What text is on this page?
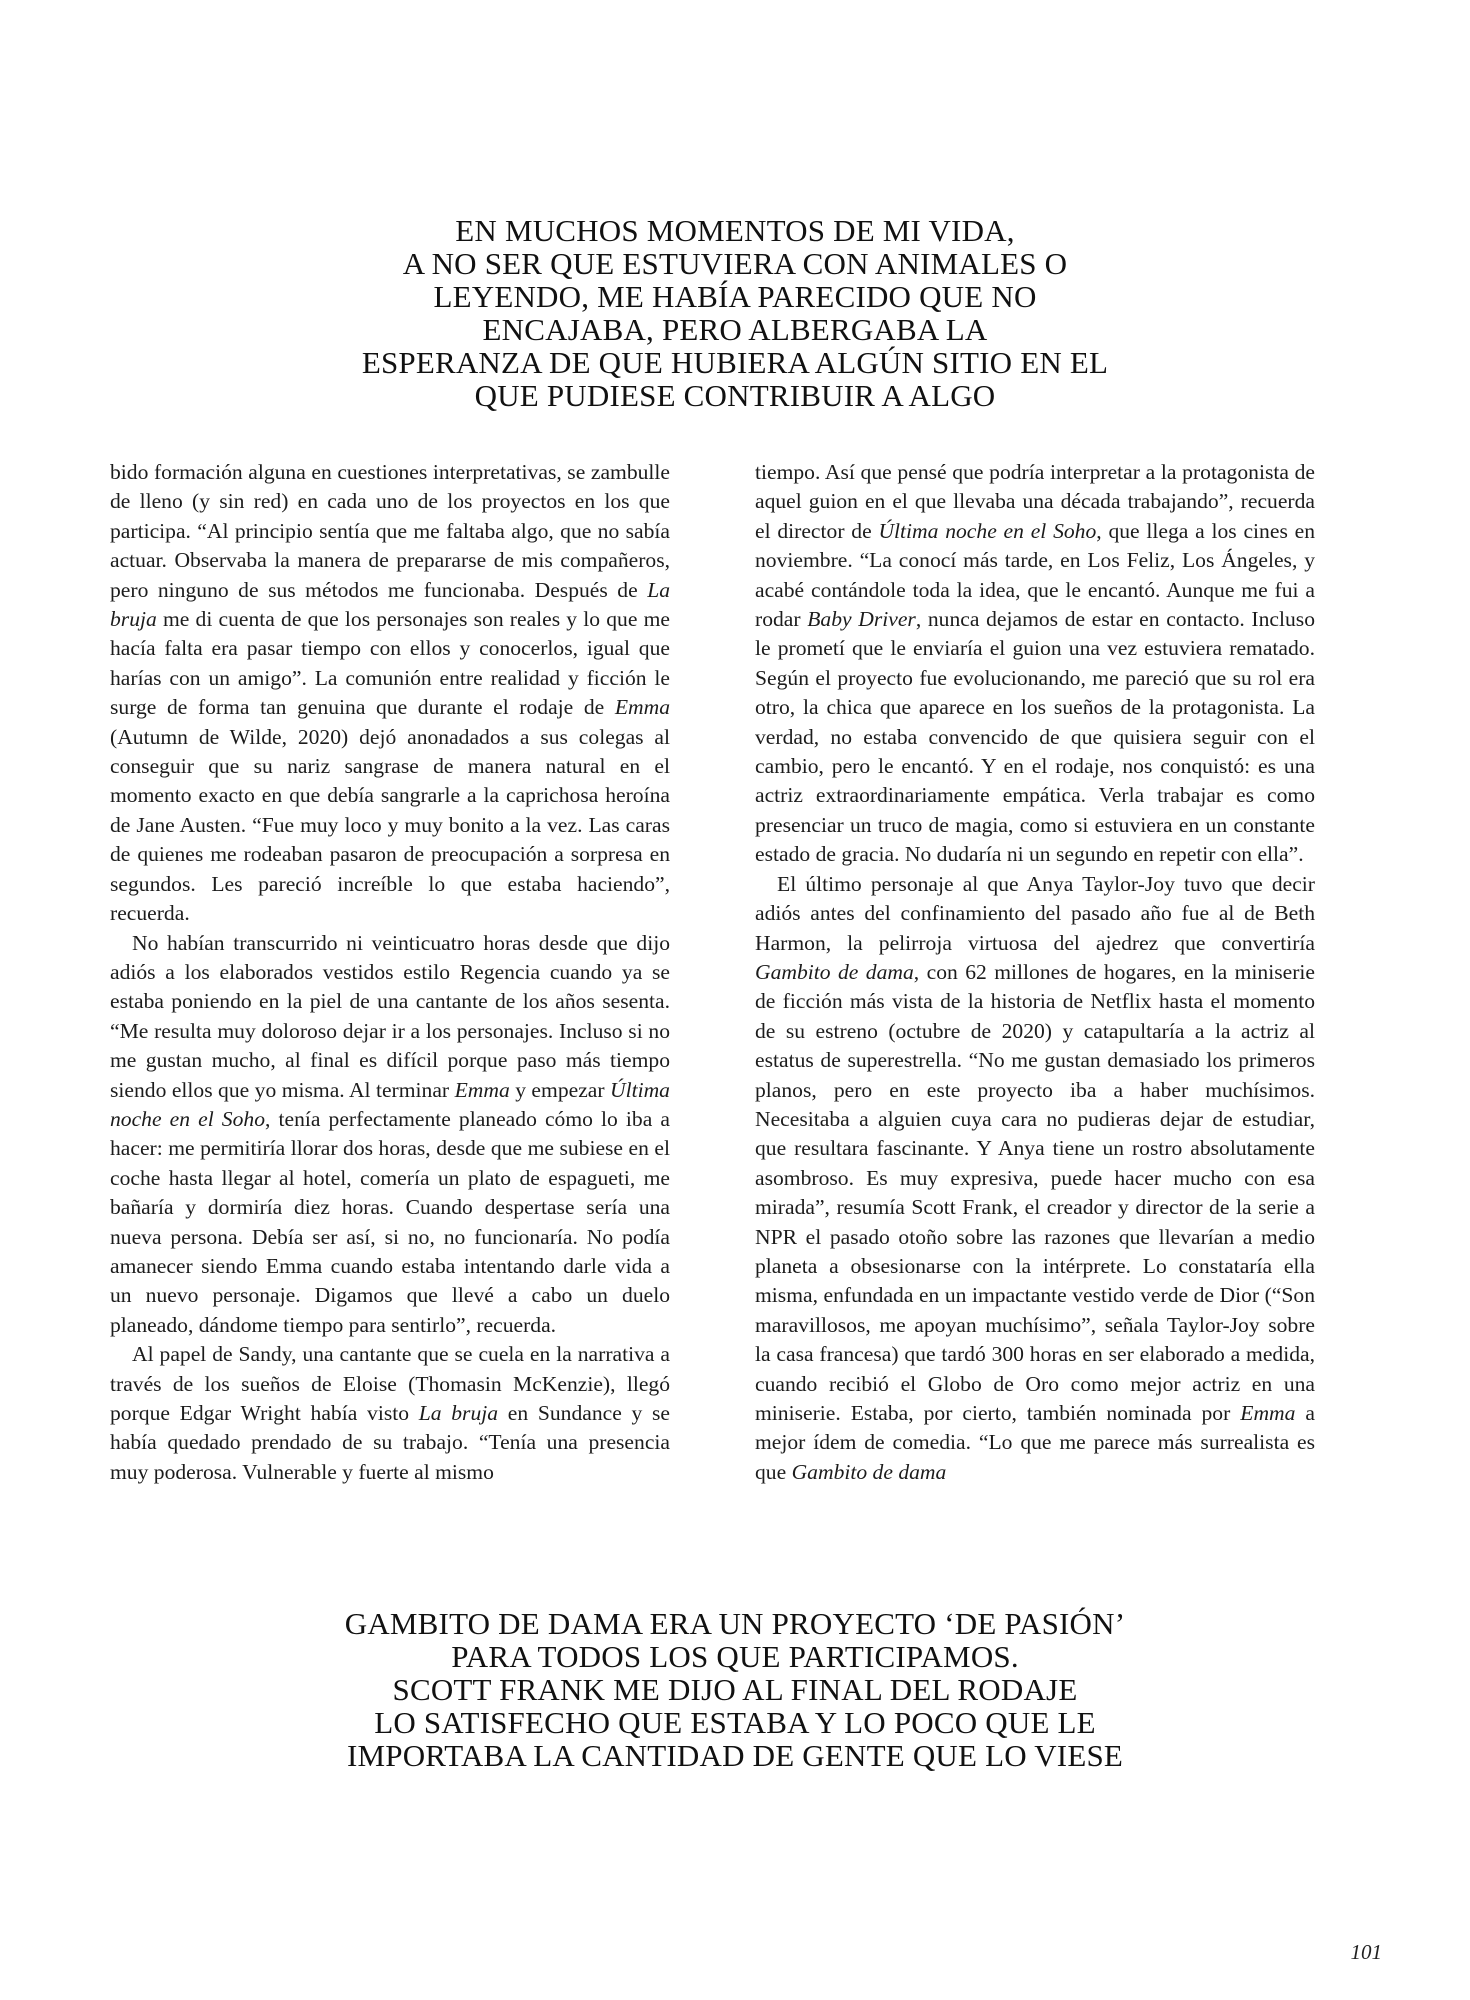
EN MUCHOS MOMENTOS DE MI VIDA,
A NO SER QUE ESTUVIERA CON ANIMALES O
LEYENDO, ME HABÍA PARECIDO QUE NO
ENCAJABA, PERO ALBERGABA LA
ESPERANZA DE QUE HUBIERA ALGÚN SITIO EN EL
QUE PUDIESE CONTRIBUIR A ALGO

bido formación alguna en cuestiones interpretativas, se zambulle de lleno (y sin red) en cada uno de los proyectos en los que participa. “Al principio sentía que me faltaba algo, que no sabía actuar. Observaba la manera de prepararse de mis compañeros, pero ninguno de sus métodos me funcionaba. Después de La bruja me di cuenta de que los personajes son reales y lo que me hacía falta era pasar tiempo con ellos y conocerlos, igual que harías con un amigo”. La comunión entre realidad y ficción le surge de forma tan genuina que durante el rodaje de Emma (Autumn de Wilde, 2020) dejó anonadados a sus colegas al conseguir que su nariz sangrase de manera natural en el momento exacto en que debía sangrarle a la caprichosa heroína de Jane Austen. “Fue muy loco y muy bonito a la vez. Las caras de quienes me rodeaban pasaron de preocupación a sorpresa en segundos. Les pareció increíble lo que estaba haciendo”, recuerda.

No habían transcurrido ni veinticuatro horas desde que dijo adiós a los elaborados vestidos estilo Regencia cuando ya se estaba poniendo en la piel de una cantante de los años sesenta. “Me resulta muy doloroso dejar ir a los personajes. Incluso si no me gustan mucho, al final es difícil porque paso más tiempo siendo ellos que yo misma. Al terminar Emma y empezar Última noche en el Soho, tenía perfectamente planeado cómo lo iba a hacer: me permitiría llorar dos horas, desde que me subiese en el coche hasta llegar al hotel, comería un plato de espagueti, me bañaría y dormiría diez horas. Cuando despertase sería una nueva persona. Debía ser así, si no, no funcionaría. No podía amanecer siendo Emma cuando estaba intentando darle vida a un nuevo personaje. Digamos que llevé a cabo un duelo planeado, dándome tiempo para sentirlo”, recuerda.

Al papel de Sandy, una cantante que se cuela en la narrativa a través de los sueños de Eloise (Thomasin McKenzie), llegó porque Edgar Wright había visto La bruja en Sundance y se había quedado prendado de su trabajo. “Tenía una presencia muy poderosa. Vulnerable y fuerte al mismo

tiempo. Así que pensé que podría interpretar a la protagonista de aquel guion en el que llevaba una década trabajando”, recuerda el director de Última noche en el Soho, que llega a los cines en noviembre. “La conocí más tarde, en Los Feliz, Los Ángeles, y acabé contándole toda la idea, que le encantó. Aunque me fui a rodar Baby Driver, nunca dejamos de estar en contacto. Incluso le prometí que le enviaría el guion una vez estuviera rematado. Según el proyecto fue evolucionando, me pareció que su rol era otro, la chica que aparece en los sueños de la protagonista. La verdad, no estaba convencido de que quisiera seguir con el cambio, pero le encantó. Y en el rodaje, nos conquistó: es una actriz extraordinariamente empática. Verla trabajar es como presenciar un truco de magia, como si estuviera en un constante estado de gracia. No dudaría ni un segundo en repetir con ella”.

El último personaje al que Anya Taylor-Joy tuvo que decir adiós antes del confinamiento del pasado año fue al de Beth Harmon, la pelirroja virtuosa del ajedrez que convertiría Gambito de dama, con 62 millones de hogares, en la miniserie de ficción más vista de la historia de Netflix hasta el momento de su estreno (octubre de 2020) y catapultaría a la actriz al estatus de superestrella. “No me gustan demasiado los primeros planos, pero en este proyecto iba a haber muchísimos. Necesitaba a alguien cuya cara no pudieras dejar de estudiar, que resultara fascinante. Y Anya tiene un rostro absolutamente asombroso. Es muy expresiva, puede hacer mucho con esa mirada”, resumía Scott Frank, el creador y director de la serie a NPR el pasado otoño sobre las razones que llevarían a medio planeta a obsesionarse con la intérprete. Lo constataría ella misma, enfundada en un impactante vestido verde de Dior (“Son maravillosos, me apoyan muchísimo”, señala Taylor-Joy sobre la casa francesa) que tardó 300 horas en ser elaborado a medida, cuando recibió el Globo de Oro como mejor actriz en una miniserie. Estaba, por cierto, también nominada por Emma a mejor ídem de comedia. “Lo que me parece más surrealista es que Gambito de dama

GAMBITO DE DAMA ERA UN PROYECTO ‘DE PASIÓN’
PARA TODOS LOS QUE PARTICIPAMOS.
SCOTT FRANK ME DIJO AL FINAL DEL RODAJE
LO SATISFECHO QUE ESTABA Y LO POCO QUE LE
IMPORTABA LA CANTIDAD DE GENTE QUE LO VIESE
101
